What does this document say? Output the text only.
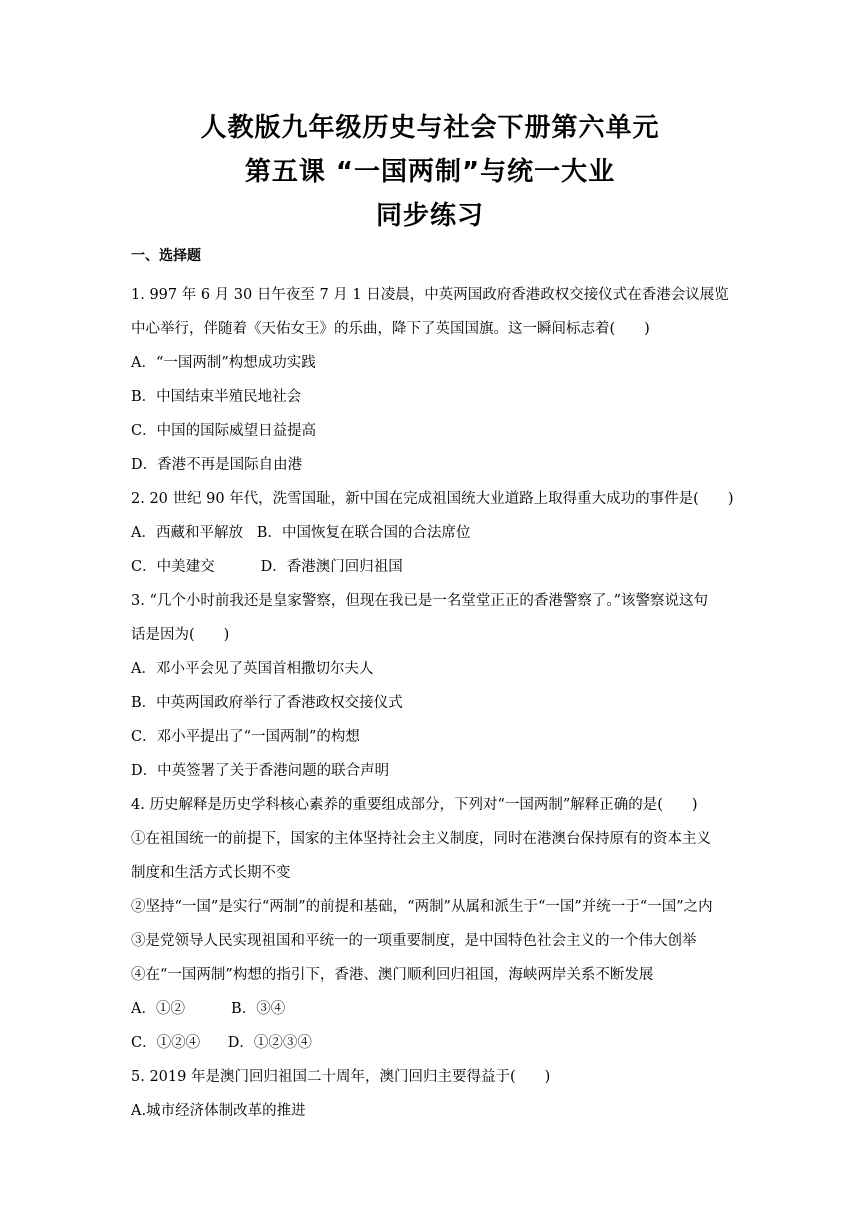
人教版九年级历史与社会下册第六单元
第五课 “一国两制”与统一大业
同步练习
一、选择题
1. 997 年 6 月 30 日午夜至 7 月 1 日凌晨，中英两国政府香港政权交接仪式在香港会议展览
中心举行，伴随着《天佑女王》的乐曲，降下了英国国旗。这一瞬间标志着(　　)
A．“一国两制”构想成功实践
B．中国结束半殖民地社会
C．中国的国际威望日益提高
D．香港不再是国际自由港
2. 20 世纪 90 年代，洗雪国耻，新中国在完成祖国统大业道路上取得重大成功的事件是(　　)
A．西藏和平解放   B．中国恢复在联合国的合法席位
C．中美建交          D．香港澳门回归祖国
3. “几个小时前我还是皇家警察，但现在我已是一名堂堂正正的香港警察了。”该警察说这句
话是因为(　　)
A．邓小平会见了英国首相撒切尔夫人
B．中英两国政府举行了香港政权交接仪式
C．邓小平提出了“一国两制”的构想
D．中英签署了关于香港问题的联合声明
4. 历史解释是历史学科核心素养的重要组成部分，下列对“一国两制”解释正确的是(　　)
①在祖国统一的前提下，国家的主体坚持社会主义制度，同时在港澳台保持原有的资本主义
制度和生活方式长期不变
②坚持“一国”是实行“两制”的前提和基础，“两制”从属和派生于“一国”并统一于“一国”之内
③是党领导人民实现祖国和平统一的一项重要制度，是中国特色社会主义的一个伟大创举
④在“一国两制”构想的指引下，香港、澳门顺利回归祖国，海峡两岸关系不断发展
A．①②          B．③④
C．①②④      D．①②③④
5. 2019 年是澳门回归祖国二十周年，澳门回归主要得益于(　　)
A.城市经济体制改革的推进
